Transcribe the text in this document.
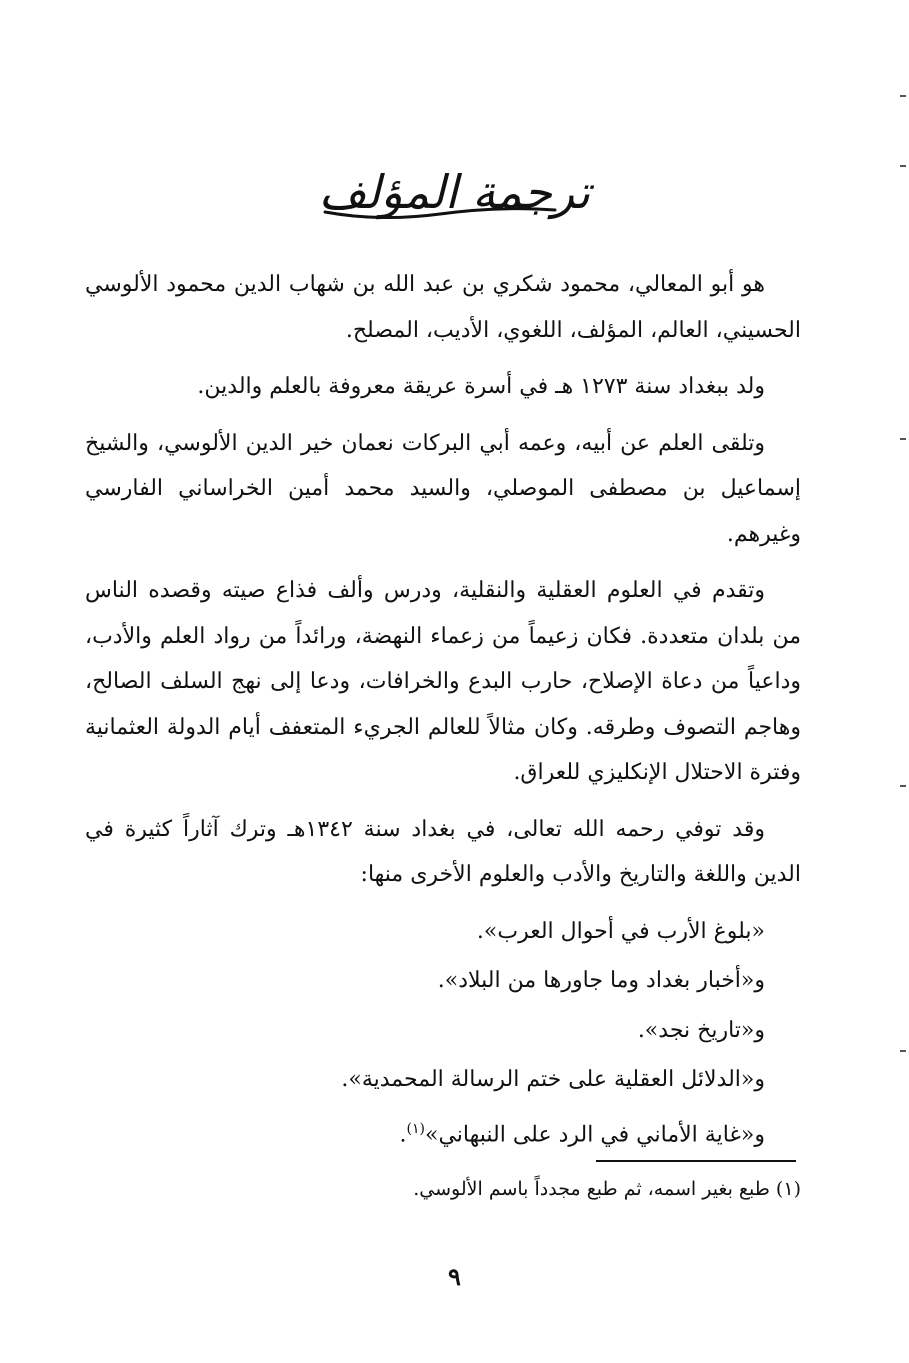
ترجمة المؤلف

هو أبو المعالي، محمود شكري بن عبد الله بن شهاب الدين محمود الألوسي الحسيني، العالم، المؤلف، اللغوي، الأديب، المصلح.

ولد ببغداد سنة ١٢٧٣ هـ في أسرة عريقة معروفة بالعلم والدين.

وتلقى العلم عن أبيه، وعمه أبي البركات نعمان خير الدين الألوسي، والشيخ إسماعيل بن مصطفى الموصلي، والسيد محمد أمين الخراساني الفارسي وغيرهم.

وتقدم في العلوم العقلية والنقلية، ودرس وألف فذاع صيته وقصده الناس من بلدان متعددة. فكان زعيماً من زعماء النهضة، ورائداً من رواد العلم والأدب، وداعياً من دعاة الإصلاح، حارب البدع والخرافات، ودعا إلى نهج السلف الصالح، وهاجم التصوف وطرقه. وكان مثالاً للعالم الجريء المتعفف أيام الدولة العثمانية وفترة الاحتلال الإنكليزي للعراق.

وقد توفي رحمه الله تعالى، في بغداد سنة ١٣٤٢هـ وترك آثاراً كثيرة في الدين واللغة والتاريخ والأدب والعلوم الأخرى منها:

«بلوغ الأرب في أحوال العرب».

و«أخبار بغداد وما جاورها من البلاد».

و«تاريخ نجد».

و«الدلائل العقلية على ختم الرسالة المحمدية».

و«غاية الأماني في الرد على النبهاني»$^{(١)}$.

(١) طبع بغير اسمه، ثم طبع مجدداً باسم الألوسي.
٩
